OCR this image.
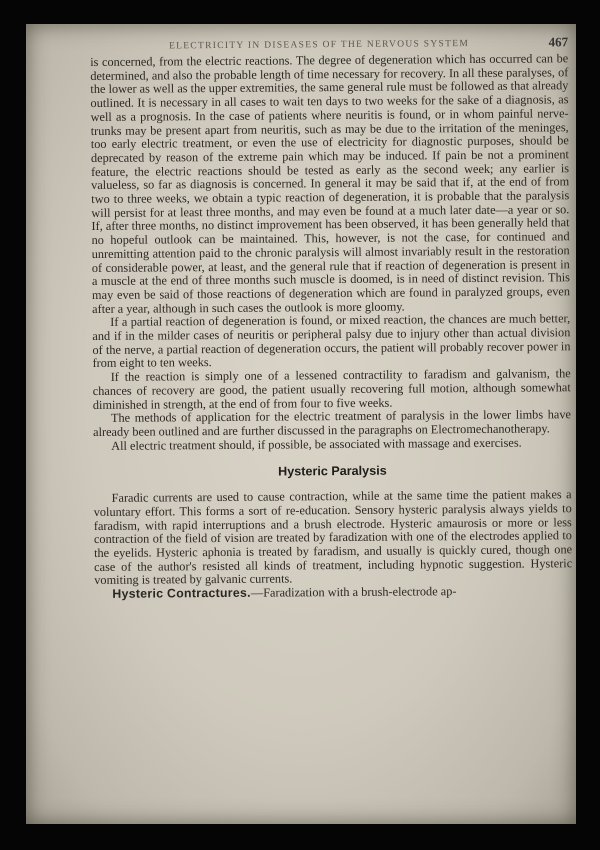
ELECTRICITY IN DISEASES OF THE NERVOUS SYSTEM	467

is concerned, from the electric reactions. The degree of degeneration which has occurred can be determined, and also the probable length of time necessary for recovery. In all these paralyses, of the lower as well as the upper extremities, the same general rule must be followed as that already outlined. It is necessary in all cases to wait ten days to two weeks for the sake of a diagnosis, as well as a prognosis. In the case of patients where neuritis is found, or in whom painful nerve-trunks may be present apart from neuritis, such as may be due to the irritation of the meninges, too early electric treatment, or even the use of electricity for diagnostic purposes, should be deprecated by reason of the extreme pain which may be induced. If pain be not a prominent feature, the electric reactions should be tested as early as the second week; any earlier is valueless, so far as diagnosis is concerned. In general it may be said that if, at the end of from two to three weeks, we obtain a typic reaction of degeneration, it is probable that the paralysis will persist for at least three months, and may even be found at a much later date—a year or so. If, after three months, no distinct improvement has been observed, it has been generally held that no hopeful outlook can be maintained. This, however, is not the case, for continued and unremitting attention paid to the chronic paralysis will almost invariably result in the restoration of considerable power, at least, and the general rule that if reaction of degeneration is present in a muscle at the end of three months such muscle is doomed, is in need of distinct revision. This may even be said of those reactions of degeneration which are found in paralyzed groups, even after a year, although in such cases the outlook is more gloomy.

If a partial reaction of degeneration is found, or mixed reaction, the chances are much better, and if in the milder cases of neuritis or peripheral palsy due to injury other than actual division of the nerve, a partial reaction of degeneration occurs, the patient will probably recover power in from eight to ten weeks.

If the reaction is simply one of a lessened contractility to faradism and galvanism, the chances of recovery are good, the patient usually recovering full motion, although somewhat diminished in strength, at the end of from four to five weeks.

The methods of application for the electric treatment of paralysis in the lower limbs have already been outlined and are further discussed in the paragraphs on Electromechanotherapy.

All electric treatment should, if possible, be associated with massage and exercises.

Hysteric Paralysis

Faradic currents are used to cause contraction, while at the same time the patient makes a voluntary effort. This forms a sort of re-education. Sensory hysteric paralysis always yields to faradism, with rapid interruptions and a brush electrode. Hysteric amaurosis or more or less contraction of the field of vision are treated by faradization with one of the electrodes applied to the eyelids. Hysteric aphonia is treated by faradism, and usually is quickly cured, though one case of the author's resisted all kinds of treatment, including hypnotic suggestion. Hysteric vomiting is treated by galvanic currents.

Hysteric Contractures.—Faradization with a brush-electrode ap-
